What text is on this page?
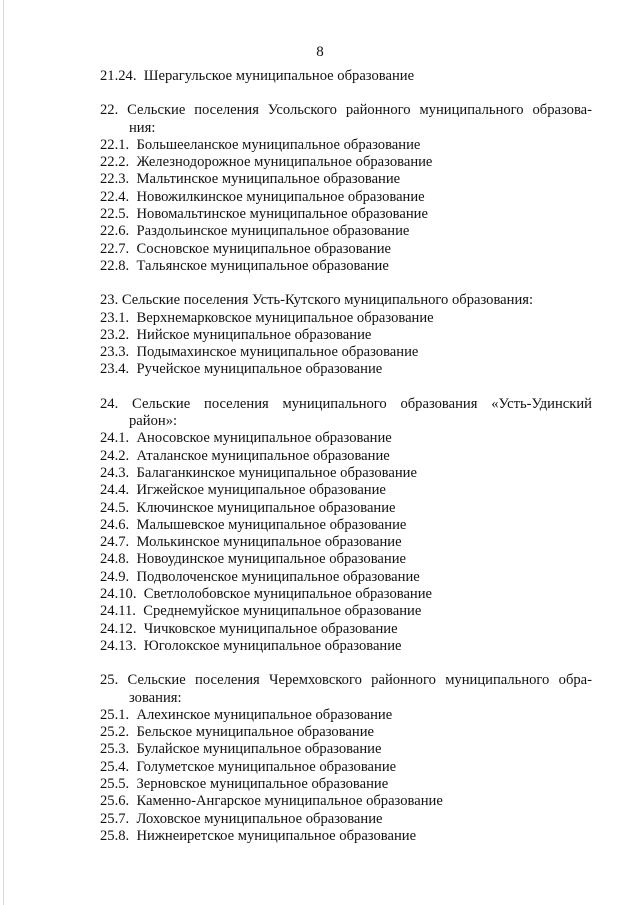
8
21.24. Шерагульское муниципальное образование
22. Сельские поселения Усольского районного муниципального образова-
ния:
22.1. Большееланское муниципальное образование
22.2. Железнодорожное муниципальное образование
22.3. Мальтинское муниципальное образование
22.4. Новожилкинское муниципальное образование
22.5. Новомальтинское муниципальное образование
22.6. Раздольинское муниципальное образование
22.7. Сосновское муниципальное образование
22.8. Тальянское муниципальное образование
23. Сельские поселения Усть-Кутского муниципального образования:
23.1. Верхнемарковское муниципальное образование
23.2. Нийское муниципальное образование
23.3. Подымахинское муниципальное образование
23.4. Ручейское муниципальное образование
24. Сельские поселения муниципального образования «Усть-Удинский
район»:
24.1. Аносовское муниципальное образование
24.2. Аталанское муниципальное образование
24.3. Балаганкинское муниципальное образование
24.4. Игжейское муниципальное образование
24.5. Ключинское муниципальное образование
24.6. Малышевское муниципальное образование
24.7. Молькинское муниципальное образование
24.8. Новоудинское муниципальное образование
24.9. Подволоченское муниципальное образование
24.10. Светлолобовское муниципальное образование
24.11. Среднемуйское муниципальное образование
24.12. Чичковское муниципальное образование
24.13. Юголокское муниципальное образование
25. Сельские поселения Черемховского районного муниципального обра-
зования:
25.1. Алехинское муниципальное образование
25.2. Бельское муниципальное образование
25.3. Булайское муниципальное образование
25.4. Голуметское муниципальное образование
25.5. Зерновское муниципальное образование
25.6. Каменно-Ангарское муниципальное образование
25.7. Лоховское муниципальное образование
25.8. Нижнеиретское муниципальное образование
